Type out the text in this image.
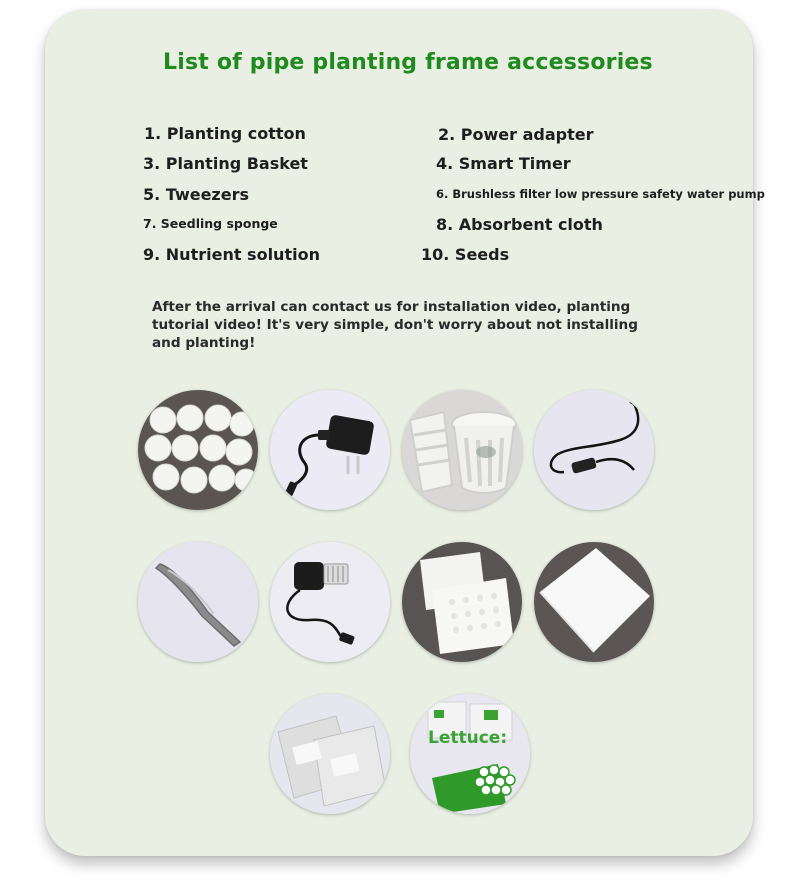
List of pipe planting frame accessories
1. Planting cotton	2. Power adapter
3. Planting Basket	4. Smart Timer
5. Tweezers	6. Brushless filter low pressure safety water pump
7. Seedling sponge	8. Absorbent cloth
9. Nutrient solution	10. Seeds
After the arrival can contact us for installation video, planting tutorial video! It's very simple, don't worry about not installing and planting!
Lettuce:
